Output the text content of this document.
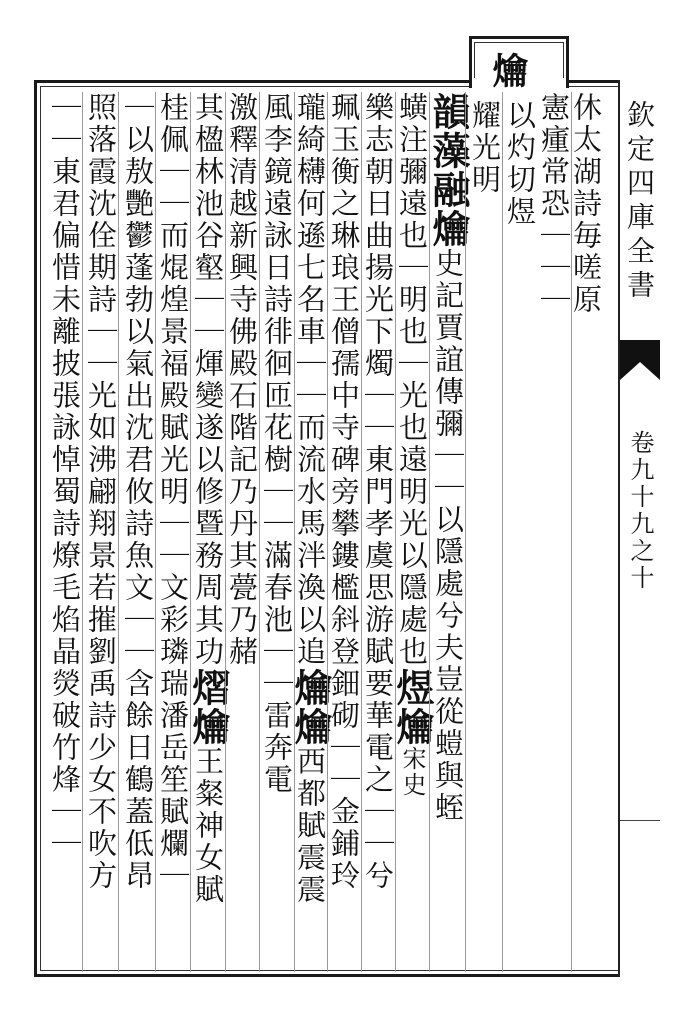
爚
欽定四庫全書
卷九十九之十
休太湖詩毎嗟原
憲瘇常恐｜｜｜
以灼切煜
耀光明
韻藻融爚史記賈誼傳彌｜｜以隱處兮夫豈從螘與蛭
蟥注彌遠也｜明也｜光也遠明光以隱處也煜爚宋史
樂志朝日曲揚光下燭｜｜東門孝虞思游賦要華電之｜｜兮
珮玉衡之琳琅王僧孺中寺碑旁攀鏤檻斜登鈿砌｜｜金鋪玲
瓏綺欂何遜七名車｜｜而流水馬泮渙以追爚爚西都賦震震
風李鏡遠詠日詩徘徊匝花樹｜｜滿春池｜｜雷奔電
激釋清越新興寺佛殿石階記乃丹其甍乃赭
其楹林池谷壑｜｜煇變遂以修暨務周其功熠爚王粲神女賦
桂佩｜｜而焜煌景福殿賦光明｜｜文彩璘瑞潘岳笙賦爛｜
｜以敖艷鬱蓬勃以氣出沈君攸詩魚文｜｜含餘日鶴蓋低昂
照落霞沈佺期詩｜｜光如沸翩翔景若摧劉禹詩少女不吹方
｜｜東君偏惜未離披張詠悼蜀詩燎毛焰晶熒破竹烽｜｜
